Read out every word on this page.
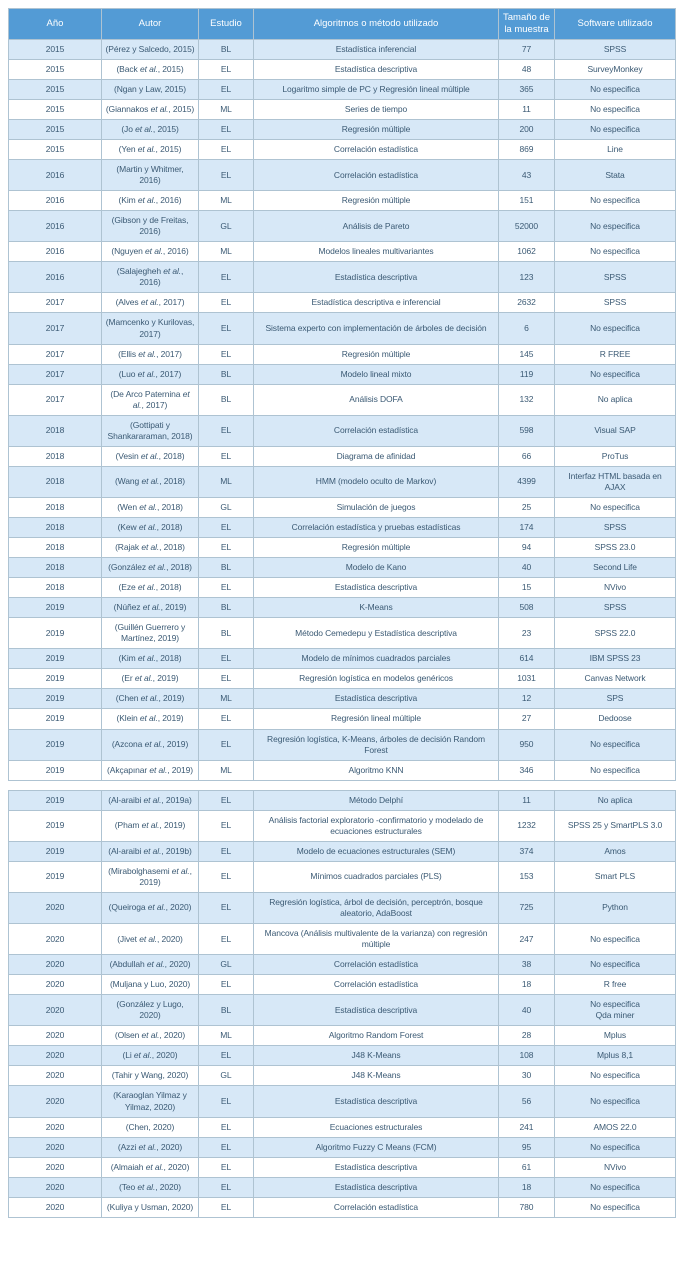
Año	Autor	Estudio	Algoritmos o método utilizado	Tamaño de la muestra	Software utilizado
2015	(Pérez y Salcedo, 2015)	BL	Estadística inferencial	77	SPSS
2015	(Back et al., 2015)	EL	Estadística descriptiva	48	SurveyMonkey
2015	(Ngan y Law, 2015)	EL	Logaritmo simple de PC y Regresión lineal múltiple	365	No especifica
2015	(Giannakos et al., 2015)	ML	Series de tiempo	11	No especifica
2015	(Jo et al., 2015)	EL	Regresión múltiple	200	No especifica
2015	(Yen et al., 2015)	EL	Correlación estadística	869	Line
2016	(Martin y Whitmer, 2016)	EL	Correlación estadística	43	Stata
2016	(Kim et al., 2016)	ML	Regresión múltiple	151	No especifica
2016	(Gibson y de Freitas, 2016)	GL	Análisis de Pareto	52000	No especifica
2016	(Nguyen et al., 2016)	ML	Modelos lineales multivariantes	1062	No especifica
2016	(Salajegheh et al., 2016)	EL	Estadística descriptiva	123	SPSS
2017	(Alves et al., 2017)	EL	Estadística descriptiva e inferencial	2632	SPSS
2017	(Mamcenko y Kurilovas, 2017)	EL	Sistema experto con implementación de árboles de decisión	6	No especifica
2017	(Ellis et al., 2017)	EL	Regresión múltiple	145	R FREE
2017	(Luo et al., 2017)	BL	Modelo lineal mixto	119	No especifica
2017	(De Arco Paternina et al., 2017)	BL	Análisis DOFA	132	No aplica
2018	(Gottipati y Shankararaman, 2018)	EL	Correlación estadística	598	Visual SAP
2018	(Vesin et al., 2018)	EL	Diagrama de afinidad	66	ProTus
2018	(Wang et al., 2018)	ML	HMM (modelo oculto de Markov)	4399	Interfaz HTML basada en AJAX
2018	(Wen et al., 2018)	GL	Simulación de juegos	25	No especifica
2018	(Kew et al., 2018)	EL	Correlación estadística y pruebas estadísticas	174	SPSS
2018	(Rajak et al., 2018)	EL	Regresión múltiple	94	SPSS 23.0
2018	(González et al., 2018)	BL	Modelo de Kano	40	Second Life
2018	(Eze et al., 2018)	EL	Estadística descriptiva	15	NVivo
2019	(Núñez et al., 2019)	BL	K-Means	508	SPSS
2019	(Guillén Guerrero y Martínez, 2019)	BL	Método Cemedepu y Estadística descriptiva	23	SPSS 22.0
2019	(Kim et al., 2018)	EL	Modelo de mínimos cuadrados parciales	614	IBM SPSS 23
2019	(Er et al., 2019)	EL	Regresión logística en modelos genéricos	1031	Canvas Network
2019	(Chen et al., 2019)	ML	Estadística descriptiva	12	SPS
2019	(Klein et al., 2019)	EL	Regresión lineal múltiple	27	Dedoose
2019	(Azcona et al., 2019)	EL	Regresión logística, K-Means, árboles de decisión Random Forest	950	No especifica
2019	(Akçapınar et al., 2019)	ML	Algoritmo KNN	346	No especifica
2019	(Al-araibi et al., 2019a)	EL	Método Delphí	11	No aplica
2019	(Pham et al., 2019)	EL	Análisis factorial exploratorio -confirmatorio y modelado de ecuaciones estructurales	1232	SPSS 25 y SmartPLS 3.0
2019	(Al-araibi et al., 2019b)	EL	Modelo de ecuaciones estructurales (SEM)	374	Amos
2019	(Mirabolghasemi et al., 2019)	EL	Mínimos cuadrados parciales (PLS)	153	Smart PLS
2020	(Queiroga et al., 2020)	EL	Regresión logística, árbol de decisión, perceptrón, bosque aleatorio, AdaBoost	725	Python
2020	(Jivet et al., 2020)	EL	Mancova (Análisis multivalente de la varianza) con regresión múltiple	247	No especifica
2020	(Abdullah et al., 2020)	GL	Correlación estadística	38	No especifica
2020	(Muljana y Luo, 2020)	EL	Correlación estadística	18	R free
2020	(González y Lugo, 2020)	BL	Estadística descriptiva	40	No especifica
Qda miner
2020	(Olsen et al., 2020)	ML	Algoritmo Random Forest	28	Mplus
2020	(Li et al., 2020)	EL	J48 K-Means	108	Mplus 8,1
2020	(Tahir y Wang, 2020)	GL	J48 K-Means	30	No especifica
2020	(Karaoglan Yilmaz y Yilmaz, 2020)	EL	Estadística descriptiva	56	No especifica
2020	(Chen, 2020)	EL	Ecuaciones estructurales	241	AMOS 22.0
2020	(Azzi et al., 2020)	EL	Algoritmo Fuzzy C Means (FCM)	95	No especifica
2020	(Almaiah et al., 2020)	EL	Estadística descriptiva	61	NVivo
2020	(Teo et al., 2020)	EL	Estadística descriptiva	18	No especifica
2020	(Kuliya y Usman, 2020)	EL	Correlación estadística	780	No especifica
